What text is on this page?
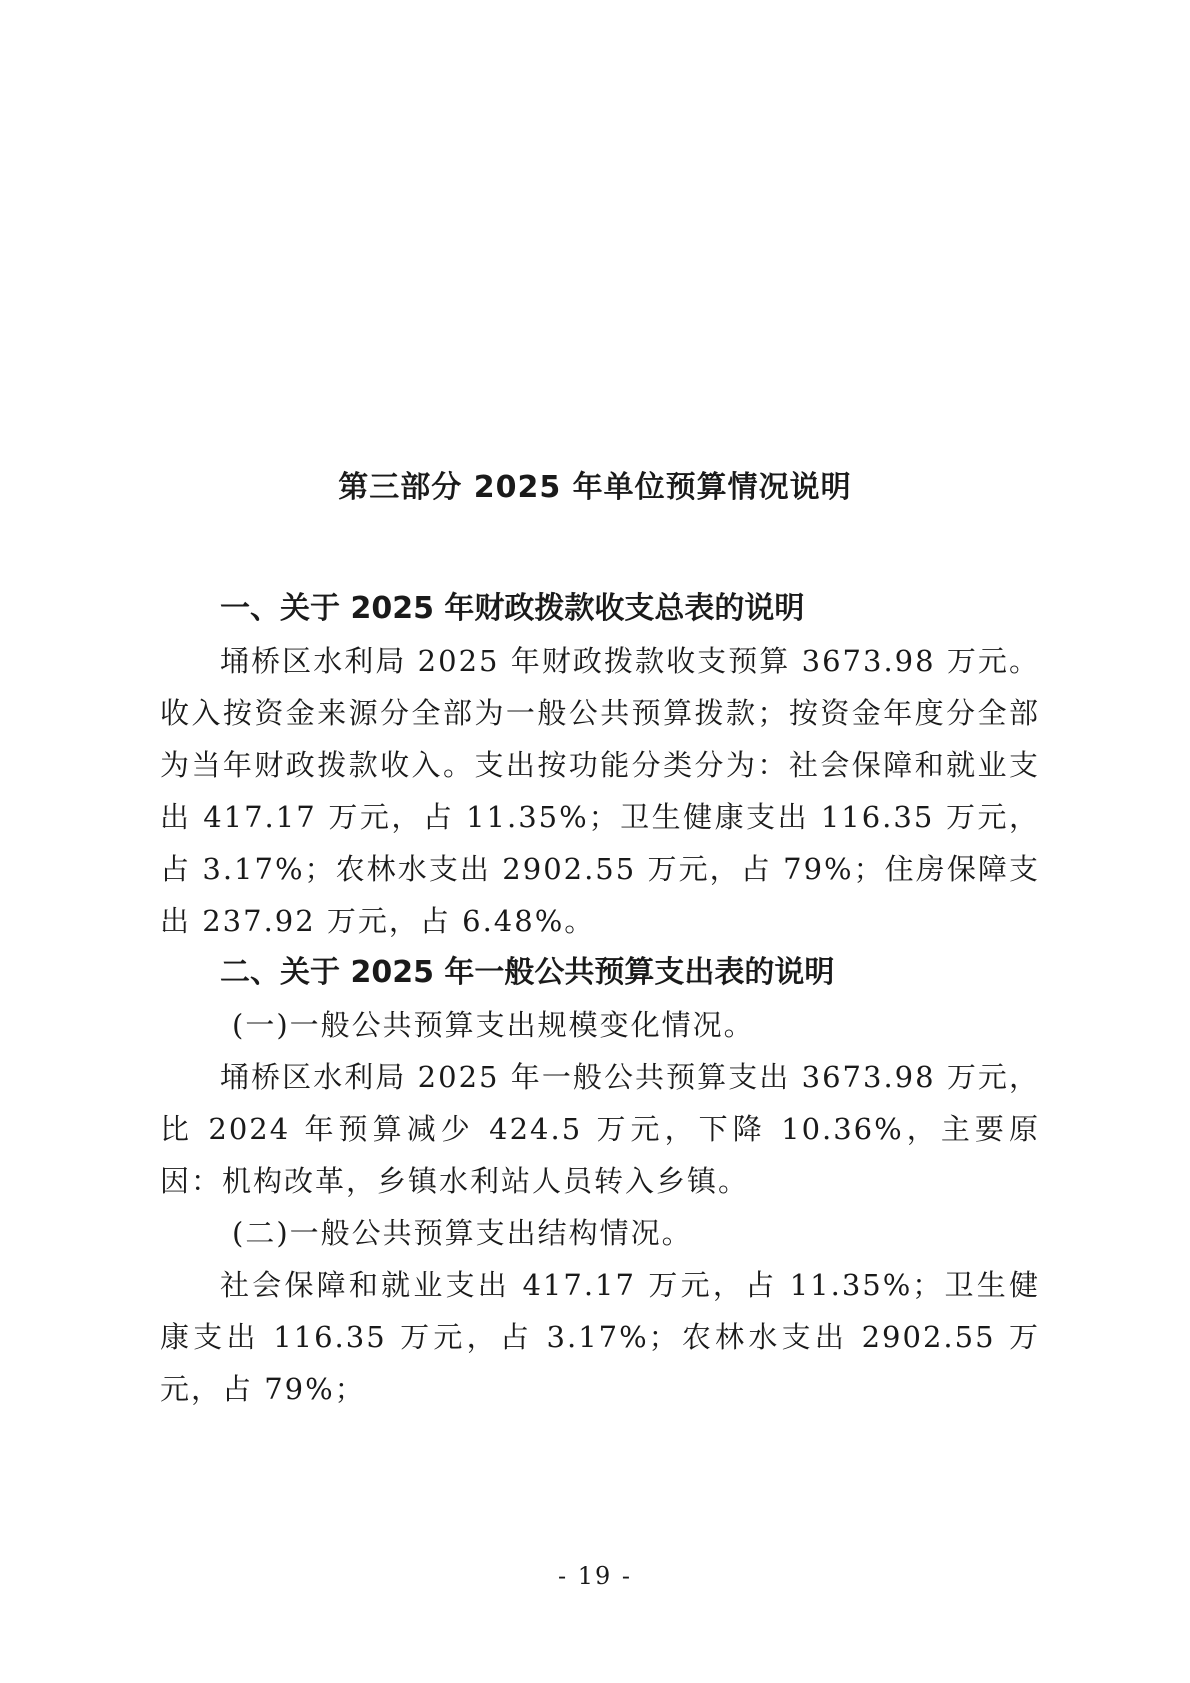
第三部分 2025 年单位预算情况说明

一、关于 2025 年财政拨款收支总表的说明

埇桥区水利局 2025 年财政拨款收支预算 3673.98 万元。收入按资金来源分全部为一般公共预算拨款；按资金年度分全部为当年财政拨款收入。支出按功能分类分为：社会保障和就业支出 417.17 万元，占 11.35%；卫生健康支出 116.35 万元，占 3.17%；农林水支出 2902.55 万元，占 79%；住房保障支出 237.92 万元，占 6.48%。

二、关于 2025 年一般公共预算支出表的说明

(一)一般公共预算支出规模变化情况。

埇桥区水利局 2025 年一般公共预算支出 3673.98 万元，比 2024 年预算减少 424.5 万元，下降 10.36%，主要原因：机构改革，乡镇水利站人员转入乡镇。

(二)一般公共预算支出结构情况。

社会保障和就业支出 417.17 万元，占 11.35%；卫生健康支出 116.35 万元，占 3.17%；农林水支出 2902.55 万元，占 79%；

- 19 -
